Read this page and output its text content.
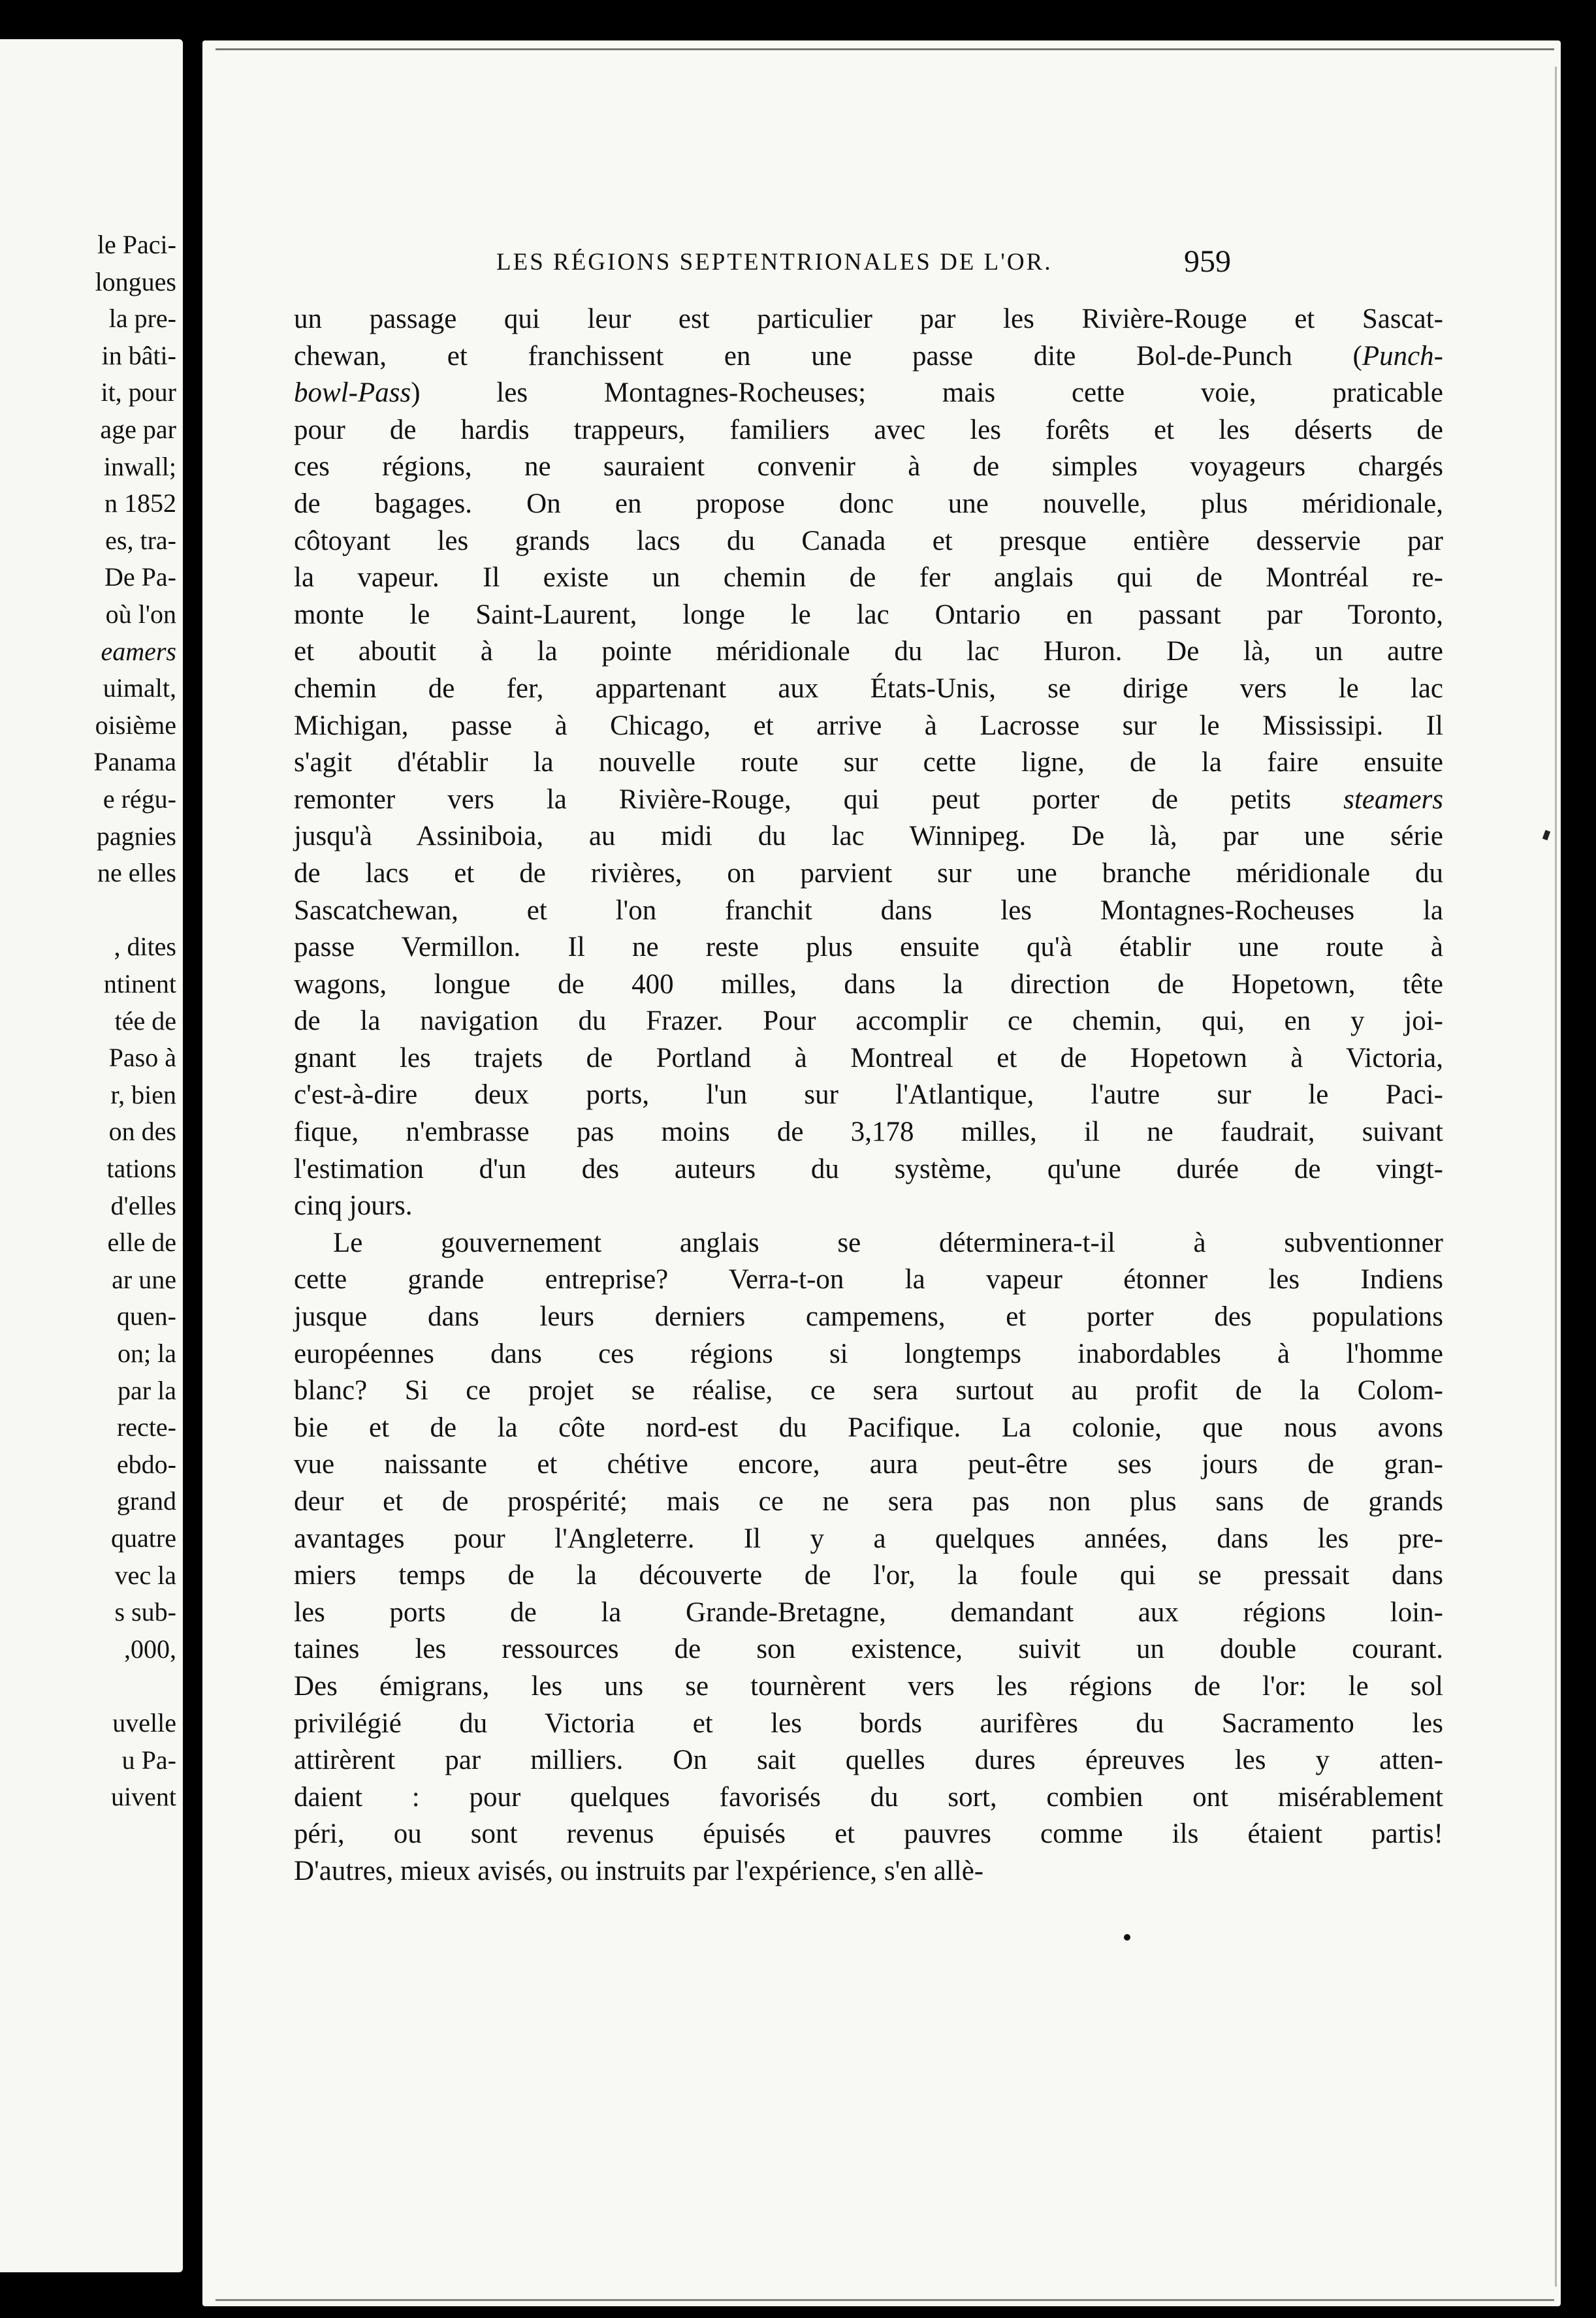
le Paci-
longues
la pre-
in bâti-
it, pour
age par
inwall;
n 1852
es, tra-
De Pa-
où l'on
eamers
uimalt,
oisième
Panama
e régu-
pagnies
ne elles
, dites
ntinent
tée de
Paso à
r, bien
on des
tations
d'elles
elle de
ar une
quen-
on; la
par la
recte-
ebdo-
grand
quatre
vec la
s sub-
,000,
uvelle
u Pa-
uivent
LES RÉGIONS SEPTENTRIONALES DE L'OR.	959
un passage qui leur est particulier par les Rivière-Rouge et Sascat-
chewan, et franchissent en une passe dite Bol-de-Punch (Punch-
bowl-Pass) les Montagnes-Rocheuses; mais cette voie, praticable
pour de hardis trappeurs, familiers avec les forêts et les déserts de
ces régions, ne sauraient convenir à de simples voyageurs chargés
de bagages. On en propose donc une nouvelle, plus méridionale,
côtoyant les grands lacs du Canada et presque entière desservie par
la vapeur. Il existe un chemin de fer anglais qui de Montréal re-
monte le Saint-Laurent, longe le lac Ontario en passant par Toronto,
et aboutit à la pointe méridionale du lac Huron. De là, un autre
chemin de fer, appartenant aux États-Unis, se dirige vers le lac
Michigan, passe à Chicago, et arrive à Lacrosse sur le Mississipi. Il
s'agit d'établir la nouvelle route sur cette ligne, de la faire ensuite
remonter vers la Rivière-Rouge, qui peut porter de petits steamers
jusqu'à Assiniboia, au midi du lac Winnipeg. De là, par une série
de lacs et de rivières, on parvient sur une branche méridionale du
Sascatchewan, et l'on franchit dans les Montagnes-Rocheuses la
passe Vermillon. Il ne reste plus ensuite qu'à établir une route à
wagons, longue de 400 milles, dans la direction de Hopetown, tête
de la navigation du Frazer. Pour accomplir ce chemin, qui, en y joi-
gnant les trajets de Portland à Montreal et de Hopetown à Victoria,
c'est-à-dire deux ports, l'un sur l'Atlantique, l'autre sur le Paci-
fique, n'embrasse pas moins de 3,178 milles, il ne faudrait, suivant
l'estimation d'un des auteurs du système, qu'une durée de vingt-
cinq jours.
Le gouvernement anglais se déterminera-t-il à subventionner
cette grande entreprise? Verra-t-on la vapeur étonner les Indiens
jusque dans leurs derniers campemens, et porter des populations
européennes dans ces régions si longtemps inabordables à l'homme
blanc? Si ce projet se réalise, ce sera surtout au profit de la Colom-
bie et de la côte nord-est du Pacifique. La colonie, que nous avons
vue naissante et chétive encore, aura peut-être ses jours de gran-
deur et de prospérité; mais ce ne sera pas non plus sans de grands
avantages pour l'Angleterre. Il y a quelques années, dans les pre-
miers temps de la découverte de l'or, la foule qui se pressait dans
les ports de la Grande-Bretagne, demandant aux régions loin-
taines les ressources de son existence, suivit un double courant.
Des émigrans, les uns se tournèrent vers les régions de l'or: le sol
privilégié du Victoria et les bords aurifères du Sacramento les
attirèrent par milliers. On sait quelles dures épreuves les y atten-
daient : pour quelques favorisés du sort, combien ont misérablement
péri, ou sont revenus épuisés et pauvres comme ils étaient partis!
D'autres, mieux avisés, ou instruits par l'expérience, s'en allè-
